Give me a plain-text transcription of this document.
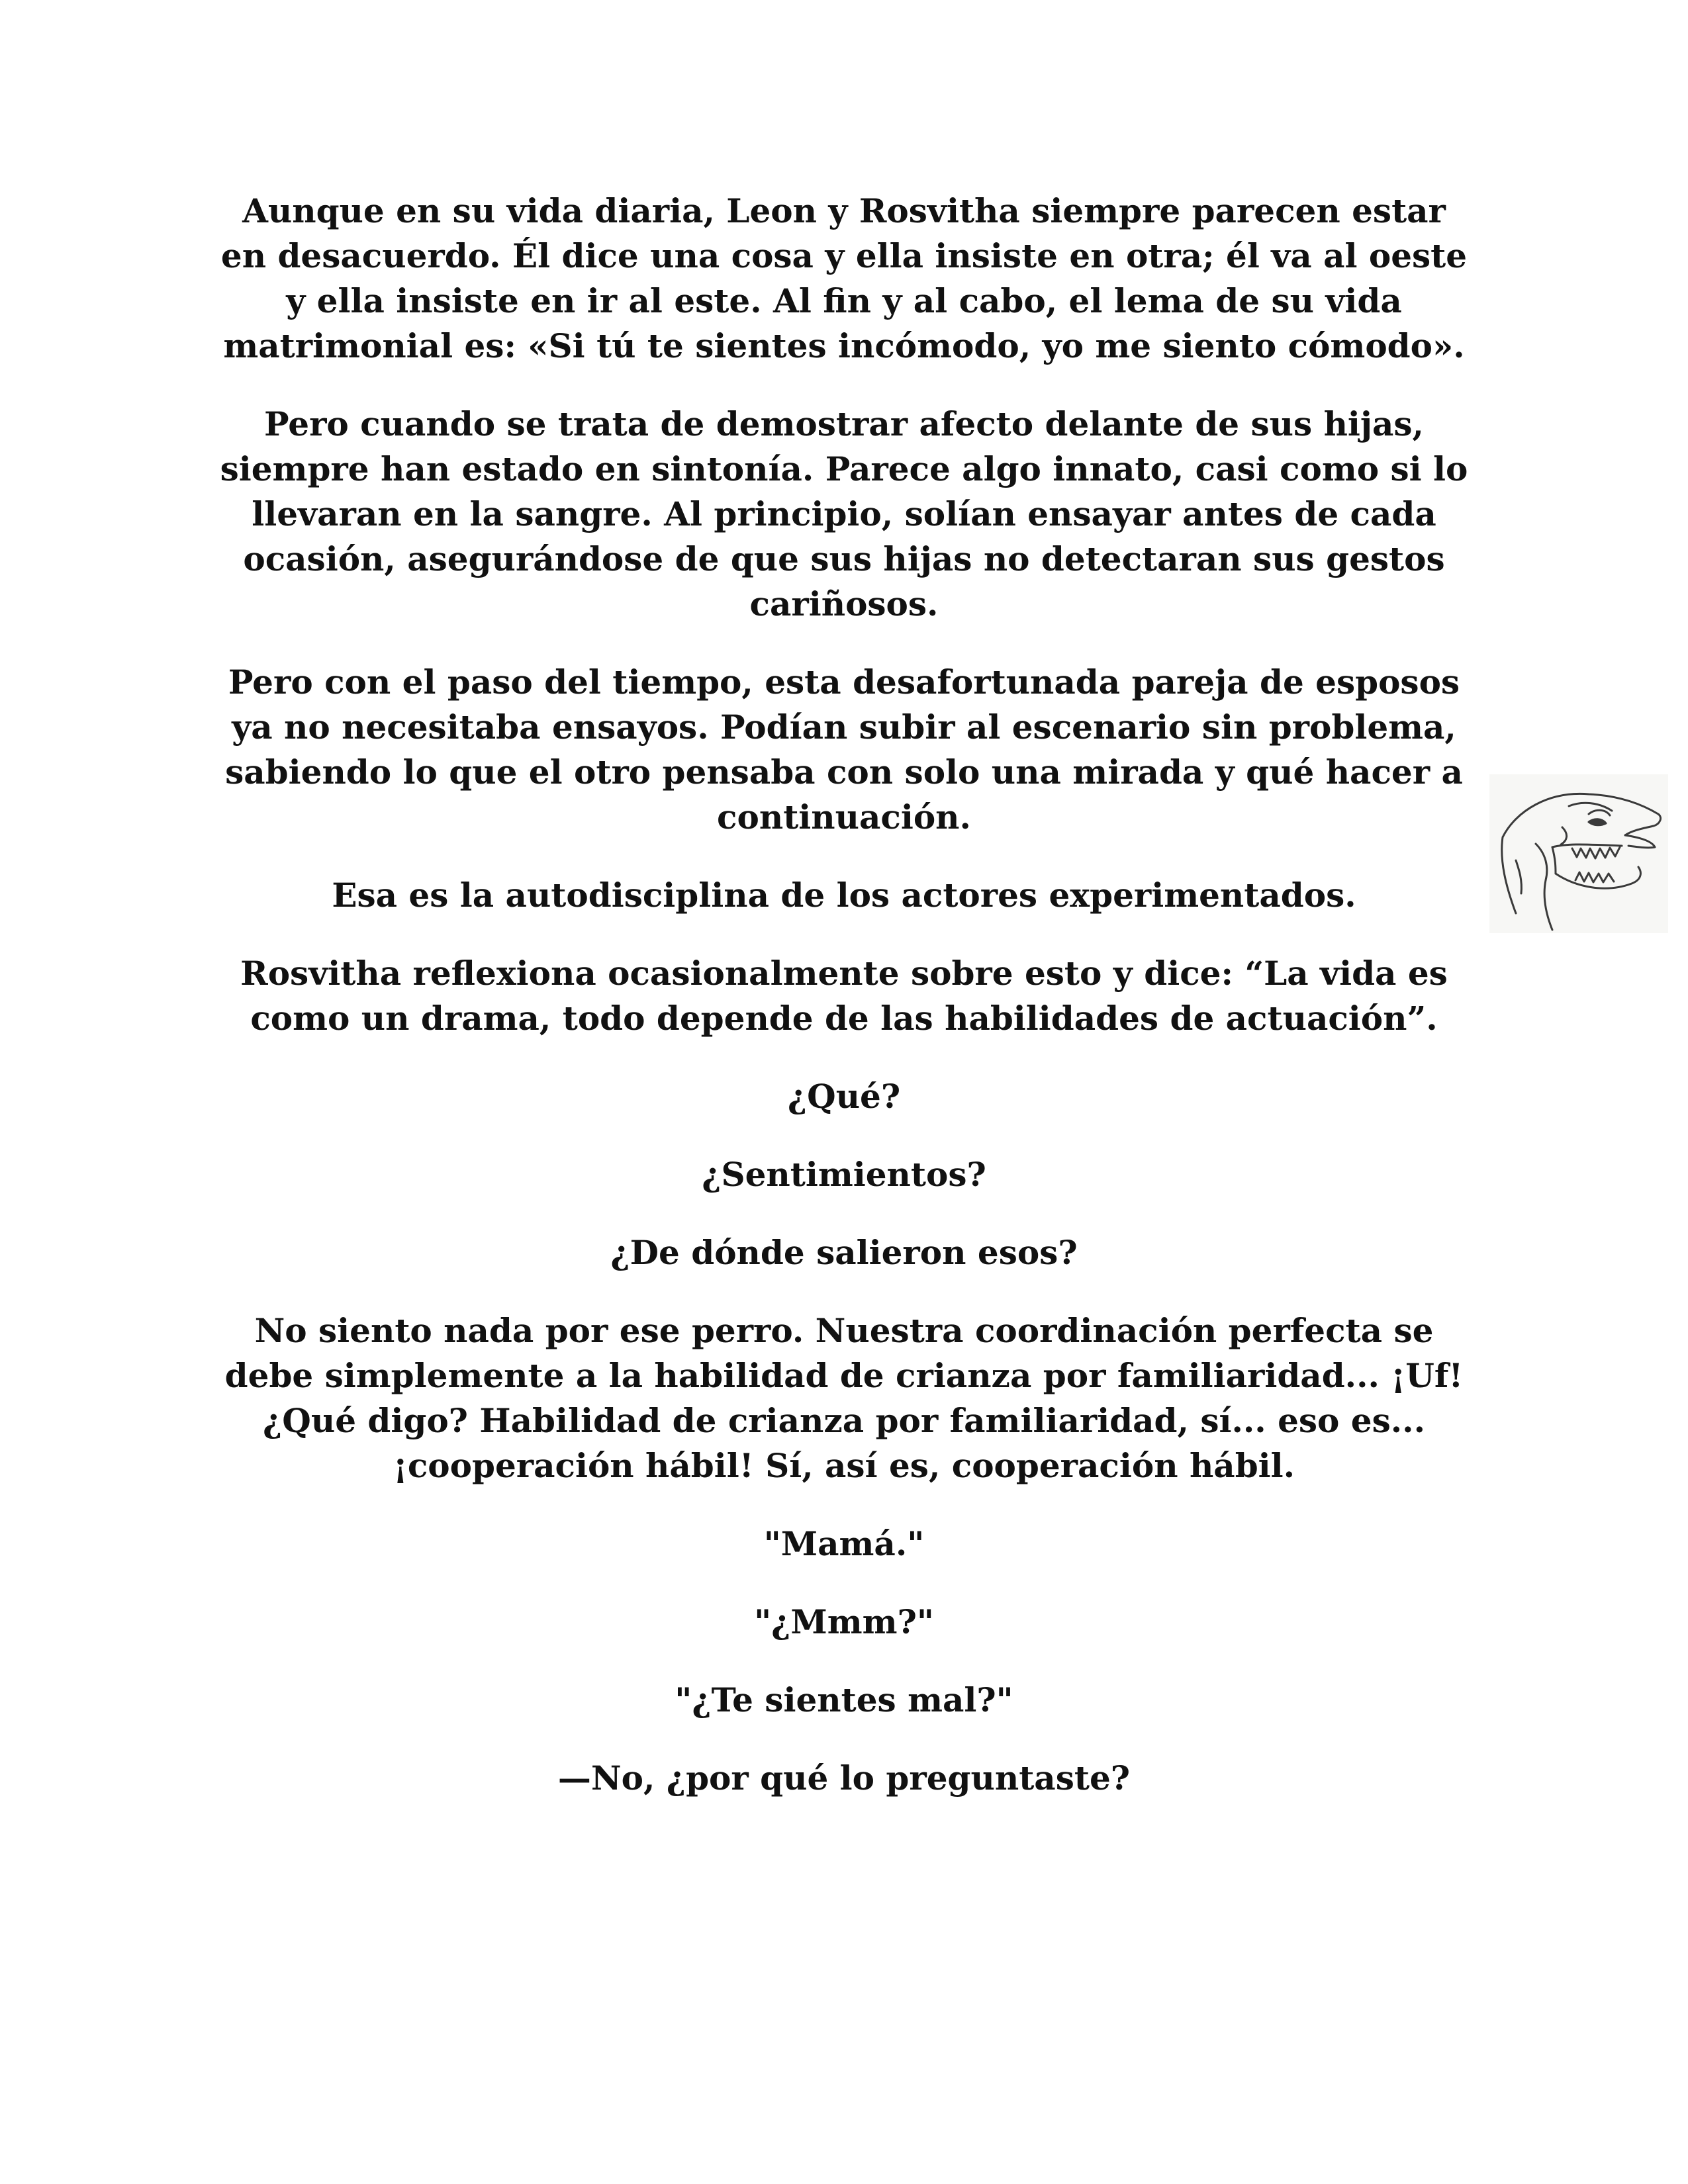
Aunque en su vida diaria, Leon y Rosvitha siempre parecen estar en desacuerdo. Él dice una cosa y ella insiste en otra; él va al oeste y ella insiste en ir al este. Al fin y al cabo, el lema de su vida matrimonial es: «Si tú te sientes incómodo, yo me siento cómodo».

Pero cuando se trata de demostrar afecto delante de sus hijas, siempre han estado en sintonía. Parece algo innato, casi como si lo llevaran en la sangre. Al principio, solían ensayar antes de cada ocasión, asegurándose de que sus hijas no detectaran sus gestos cariñosos.

Pero con el paso del tiempo, esta desafortunada pareja de esposos ya no necesitaba ensayos. Podían subir al escenario sin problema, sabiendo lo que el otro pensaba con solo una mirada y qué hacer a continuación.

Esa es la autodisciplina de los actores experimentados.

Rosvitha reflexiona ocasionalmente sobre esto y dice: “La vida es como un drama, todo depende de las habilidades de actuación”.

¿Qué?

¿Sentimientos?

¿De dónde salieron esos?

No siento nada por ese perro. Nuestra coordinación perfecta se debe simplemente a la habilidad de crianza por familiaridad... ¡Uf! ¿Qué digo? Habilidad de crianza por familiaridad, sí... eso es... ¡cooperación hábil! Sí, así es, cooperación hábil.

"Mamá."

"¿Mmm?"

"¿Te sientes mal?"

—No, ¿por qué lo preguntaste?
